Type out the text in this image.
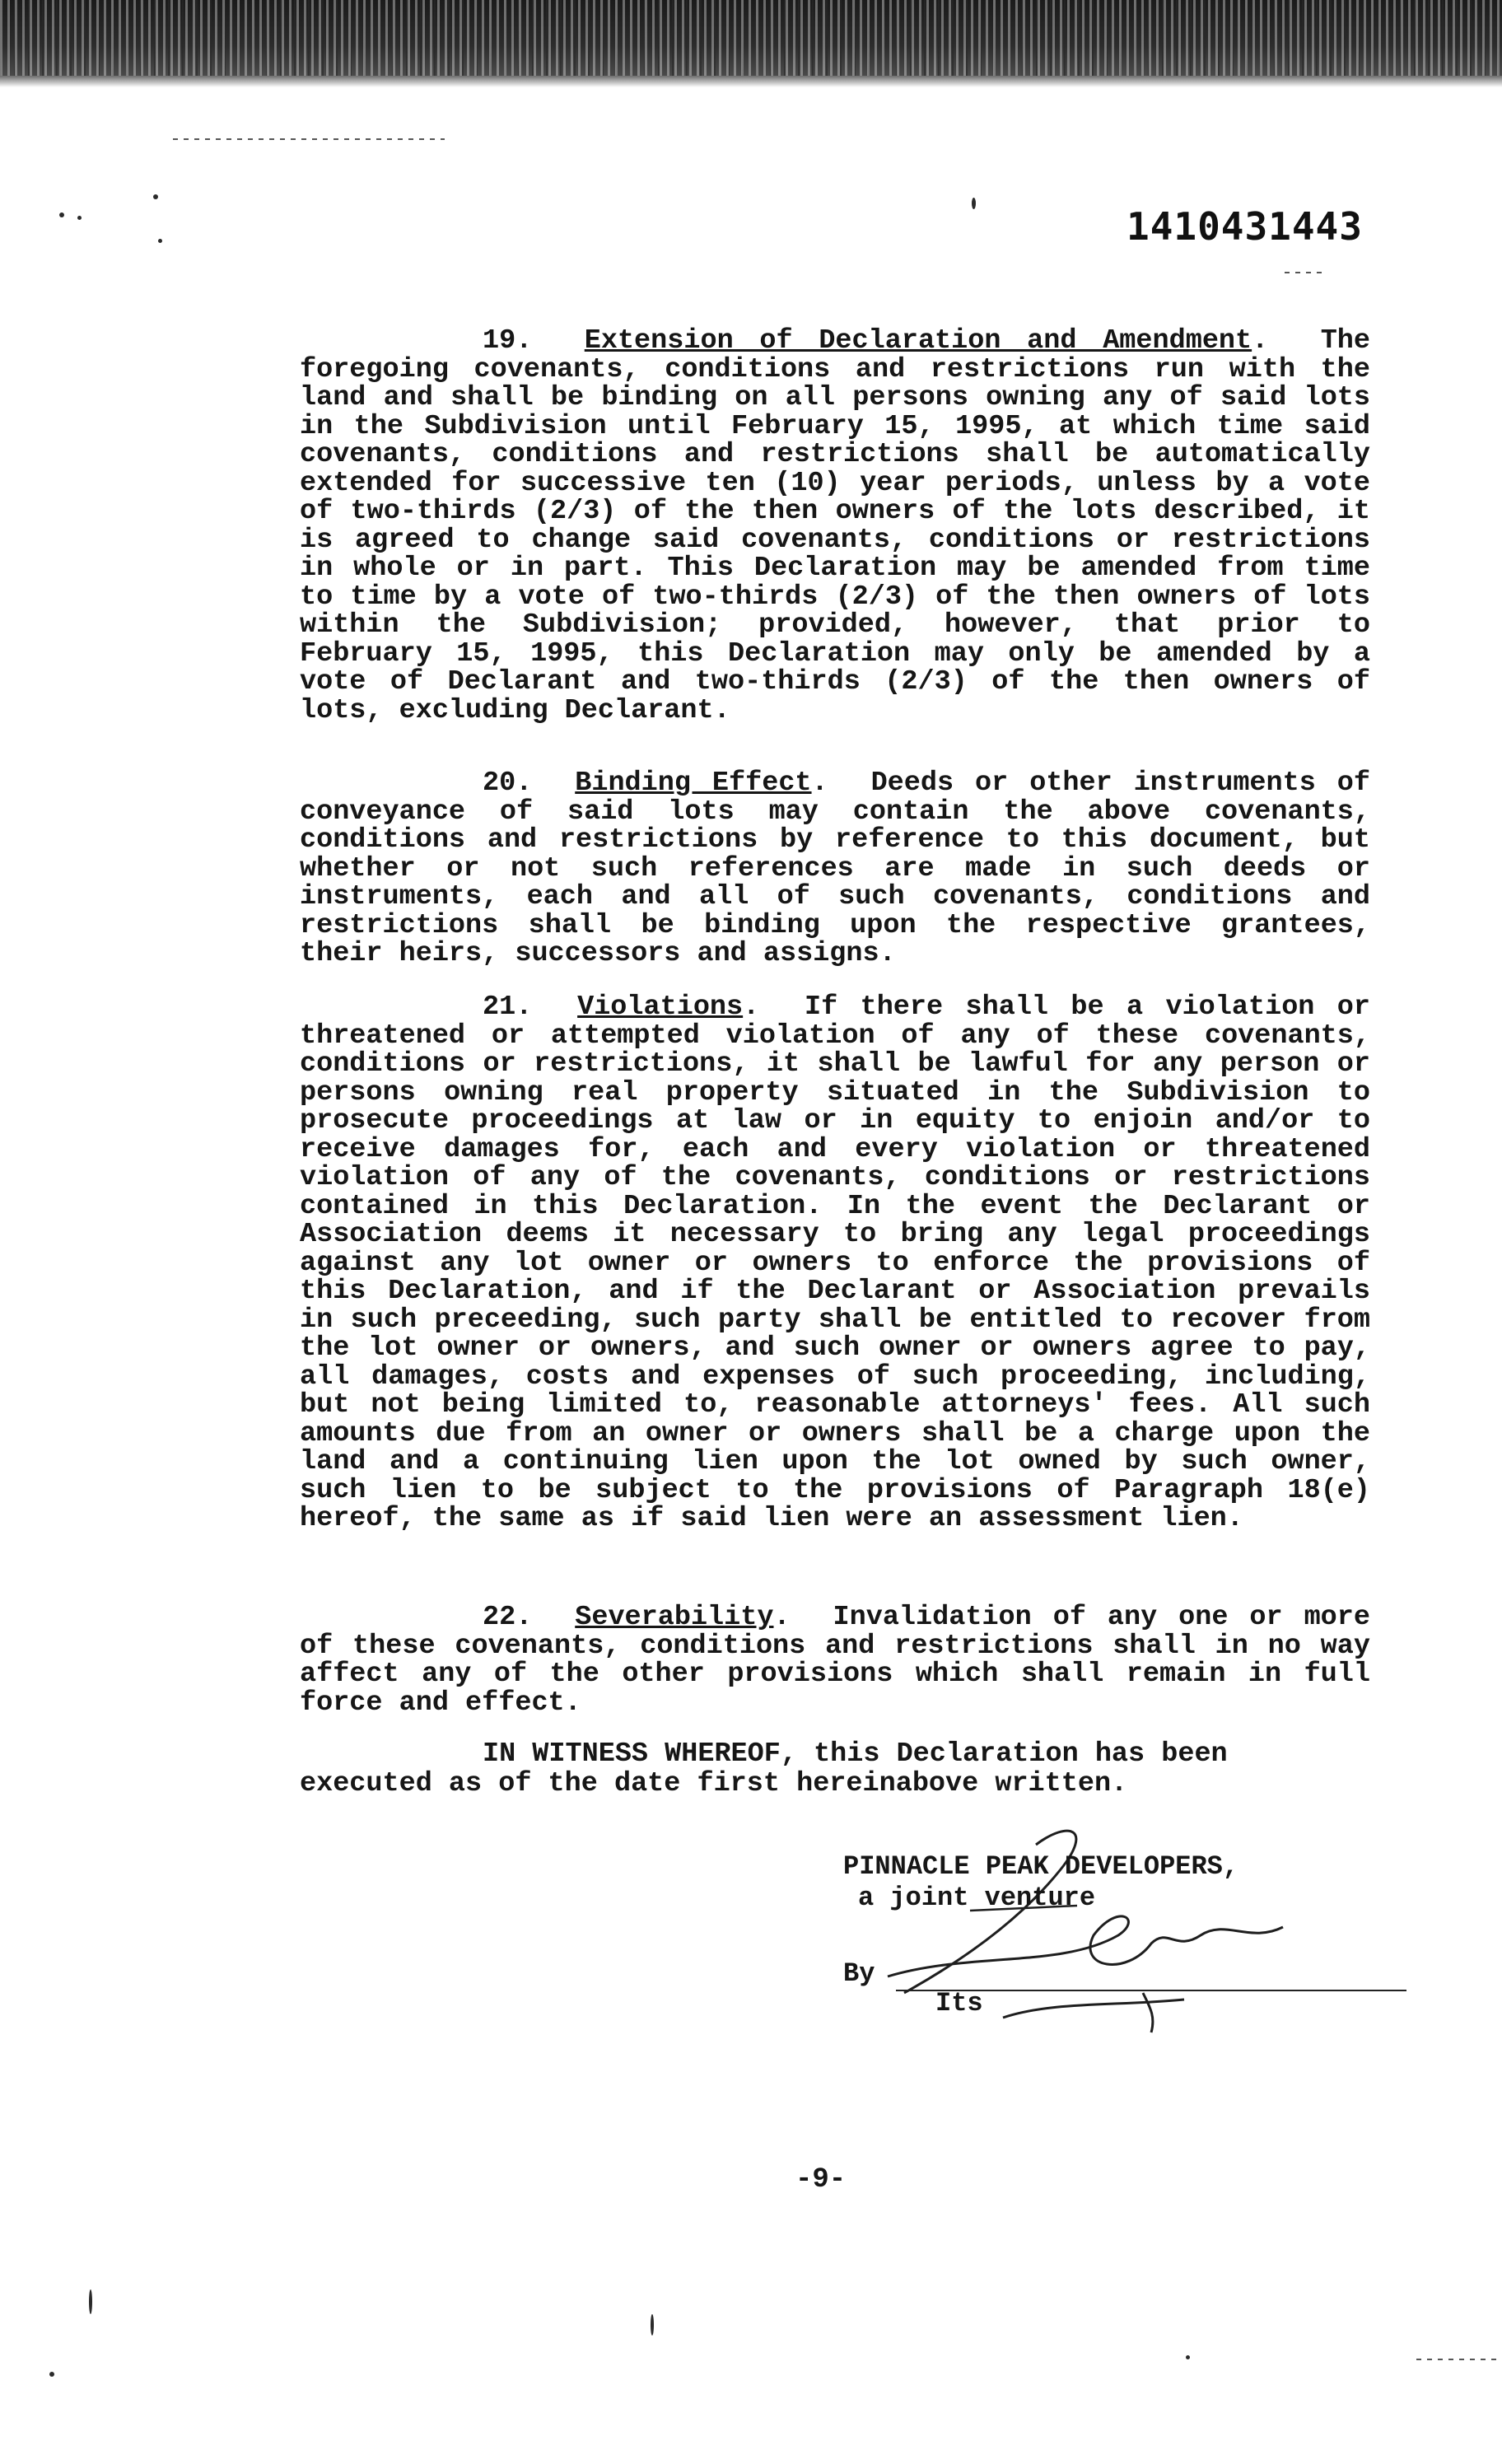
1410431443

19. Extension of Declaration and Amendment.  The foregoing covenants, conditions and restrictions run with the land and shall be binding on all persons owning any of said lots in the Subdivision until February 15, 1995, at which time said covenants, conditions and restrictions shall be automatically extended for successive ten (10) year periods, unless by a vote of two-thirds (2/3) of the then owners of the lots described, it is agreed to change said covenants, conditions or restrictions in whole or in part. This Declaration may be amended from time to time by a vote of two-thirds (2/3) of the then owners of lots within the Subdivision; provided, however, that prior to February 15, 1995, this Declaration may only be amended by a vote of Declarant and two-thirds (2/3) of the then owners of lots, excluding Declarant.

20. Binding Effect.  Deeds or other instruments of conveyance of said lots may contain the above covenants, conditions and restrictions by reference to this document, but whether or not such references are made in such deeds or instruments, each and all of such covenants, conditions and restrictions shall be binding upon the respective grantees, their heirs, successors and assigns.

21. Violations.  If there shall be a violation or threatened or attempted violation of any of these covenants, conditions or restrictions, it shall be lawful for any person or persons owning real property situated in the Subdivision to prosecute proceedings at law or in equity to enjoin and/or to receive damages for, each and every violation or threatened violation of any of the covenants, conditions or restrictions contained in this Declaration. In the event the Declarant or Association deems it necessary to bring any legal proceedings against any lot owner or owners to enforce the provisions of this Declaration, and if the Declarant or Association prevails in such preceeding, such party shall be entitled to recover from the lot owner or owners, and such owner or owners agree to pay, all damages, costs and expenses of such proceeding, including, but not being limited to, reasonable attorneys' fees. All such amounts due from an owner or owners shall be a charge upon the land and a continuing lien upon the lot owned by such owner, such lien to be subject to the provisions of Paragraph 18(e) hereof, the same as if said lien were an assessment lien.

22. Severability.  Invalidation of any one or more of these covenants, conditions and restrictions shall in no way affect any of the other provisions which shall remain in full force and effect.

IN WITNESS WHEREOF, this Declaration has been executed as of the date first hereinabove written.
PINNACLE PEAK DEVELOPERS,
a joint venture
By
Its
-9-
